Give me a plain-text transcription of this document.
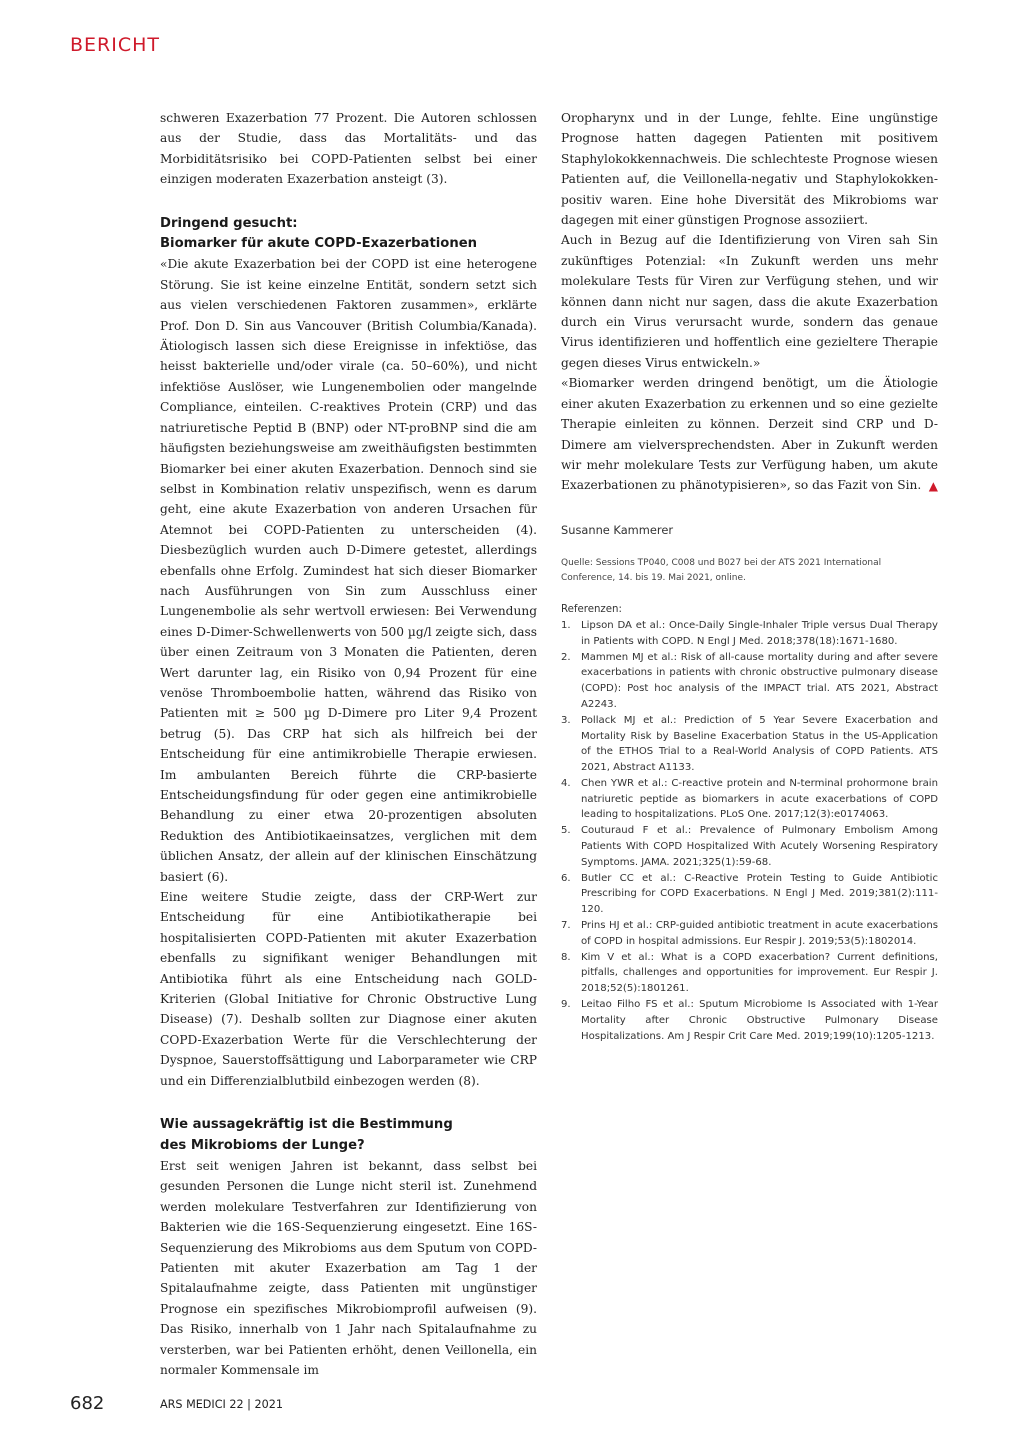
BERICHT

schweren Exazerbation 77 Prozent. Die Autoren schlossen aus der Studie, dass das Mortalitäts- und das Morbiditätsrisiko bei COPD-Patienten selbst bei einer einzigen moderaten Exazerbation ansteigt (3).

Dringend gesucht:
Biomarker für akute COPD-Exazerbationen

«Die akute Exazerbation bei der COPD ist eine heterogene Störung. Sie ist keine einzelne Entität, sondern setzt sich aus vielen verschiedenen Faktoren zusammen», erklärte Prof. Don D. Sin aus Vancouver (British Columbia/Kanada). Ätiologisch lassen sich diese Ereignisse in infektiöse, das heisst bakterielle und/oder virale (ca. 50–60%), und nicht infektiöse Auslöser, wie Lungenembolien oder mangelnde Compliance, einteilen. C-reaktives Protein (CRP) und das natriuretische Peptid B (BNP) oder NT-proBNP sind die am häufigsten beziehungsweise am zweithäufigsten bestimmten Biomarker bei einer akuten Exazerbation. Dennoch sind sie selbst in Kombination relativ unspezifisch, wenn es darum geht, eine akute Exazerbation von anderen Ursachen für Atemnot bei COPD-Patienten zu unterscheiden (4). Diesbezüglich wurden auch D-Dimere getestet, allerdings ebenfalls ohne Erfolg. Zumindest hat sich dieser Biomarker nach Ausführungen von Sin zum Ausschluss einer Lungenembolie als sehr wertvoll erwiesen: Bei Verwendung eines D-Dimer-Schwellenwerts von 500 µg/l zeigte sich, dass über einen Zeitraum von 3 Monaten die Patienten, deren Wert darunter lag, ein Risiko von 0,94 Prozent für eine venöse Thromboembolie hatten, während das Risiko von Patienten mit ≥ 500 µg D-Dimere pro Liter 9,4 Prozent betrug (5). Das CRP hat sich als hilfreich bei der Entscheidung für eine antimikrobielle Therapie erwiesen. Im ambulanten Bereich führte die CRP-basierte Entscheidungsfindung für oder gegen eine antimikrobielle Behandlung zu einer etwa 20-prozentigen absoluten Reduktion des Antibiotikaeinsatzes, verglichen mit dem üblichen Ansatz, der allein auf der klinischen Einschätzung basiert (6).

Eine weitere Studie zeigte, dass der CRP-Wert zur Entscheidung für eine Antibiotikatherapie bei hospitalisierten COPD-Patienten mit akuter Exazerbation ebenfalls zu signifikant weniger Behandlungen mit Antibiotika führt als eine Entscheidung nach GOLD-Kriterien (Global Initiative for Chronic Obstructive Lung Disease) (7). Deshalb sollten zur Diagnose einer akuten COPD-Exazerbation Werte für die Verschlechterung der Dyspnoe, Sauerstoffsättigung und Laborparameter wie CRP und ein Differenzialblutbild einbezogen werden (8).

Wie aussagekräftig ist die Bestimmung
des Mikrobioms der Lunge?

Erst seit wenigen Jahren ist bekannt, dass selbst bei gesunden Personen die Lunge nicht steril ist. Zunehmend werden molekulare Testverfahren zur Identifizierung von Bakterien wie die 16S-Sequenzierung eingesetzt. Eine 16S-Sequenzierung des Mikrobioms aus dem Sputum von COPD-Patienten mit akuter Exazerbation am Tag 1 der Spitalaufnahme zeigte, dass Patienten mit ungünstiger Prognose ein spezifisches Mikrobiomprofil aufweisen (9). Das Risiko, innerhalb von 1 Jahr nach Spitalaufnahme zu versterben, war bei Patienten erhöht, denen Veillonella, ein normaler Kommensale im

Oropharynx und in der Lunge, fehlte. Eine ungünstige Prognose hatten dagegen Patienten mit positivem Staphylokokkennachweis. Die schlechteste Prognose wiesen Patienten auf, die Veillonella-negativ und Staphylokokken-positiv waren. Eine hohe Diversität des Mikrobioms war dagegen mit einer günstigen Prognose assoziiert.

Auch in Bezug auf die Identifizierung von Viren sah Sin zukünftiges Potenzial: «In Zukunft werden uns mehr molekulare Tests für Viren zur Verfügung stehen, und wir können dann nicht nur sagen, dass die akute Exazerbation durch ein Virus verursacht wurde, sondern das genaue Virus identifizieren und hoffentlich eine gezieltere Therapie gegen dieses Virus entwickeln.»

«Biomarker werden dringend benötigt, um die Ätiologie einer akuten Exazerbation zu erkennen und so eine gezielte Therapie einleiten zu können. Derzeit sind CRP und D-Dimere am vielversprechendsten. Aber in Zukunft werden wir mehr molekulare Tests zur Verfügung haben, um akute Exazerbationen zu phänotypisieren», so das Fazit von Sin. ▲

Susanne Kammerer
Quelle: Sessions TP040, C008 und B027 bei der ATS 2021 International Conference, 14. bis 19. Mai 2021, online.
Referenzen:
1. Lipson DA et al.: Once-Daily Single-Inhaler Triple versus Dual Therapy in Patients with COPD. N Engl J Med. 2018;378(18):1671-1680.
2. Mammen MJ et al.: Risk of all-cause mortality during and after severe exacerbations in patients with chronic obstructive pulmonary disease (COPD): Post hoc analysis of the IMPACT trial. ATS 2021, Abstract A2243.
3. Pollack MJ et al.: Prediction of 5 Year Severe Exacerbation and Mortality Risk by Baseline Exacerbation Status in the US-Application of the ETHOS Trial to a Real-World Analysis of COPD Patients. ATS 2021, Abstract A1133.
4. Chen YWR et al.: C-reactive protein and N-terminal prohormone brain natriuretic peptide as biomarkers in acute exacerbations of COPD leading to hospitalizations. PLoS One. 2017;12(3):e0174063.
5. Couturaud F et al.: Prevalence of Pulmonary Embolism Among Patients With COPD Hospitalized With Acutely Worsening Respiratory Symptoms. JAMA. 2021;325(1):59-68.
6. Butler CC et al.: C-Reactive Protein Testing to Guide Antibiotic Prescribing for COPD Exacerbations. N Engl J Med. 2019;381(2):111-120.
7. Prins HJ et al.: CRP-guided antibiotic treatment in acute exacerbations of COPD in hospital admissions. Eur Respir J. 2019;53(5):1802014.
8. Kim V et al.: What is a COPD exacerbation? Current definitions, pitfalls, challenges and opportunities for improvement. Eur Respir J. 2018;52(5):1801261.
9. Leitao Filho FS et al.: Sputum Microbiome Is Associated with 1-Year Mortality after Chronic Obstructive Pulmonary Disease Hospitalizations. Am J Respir Crit Care Med. 2019;199(10):1205-1213.
682	ARS MEDICI 22 | 2021
